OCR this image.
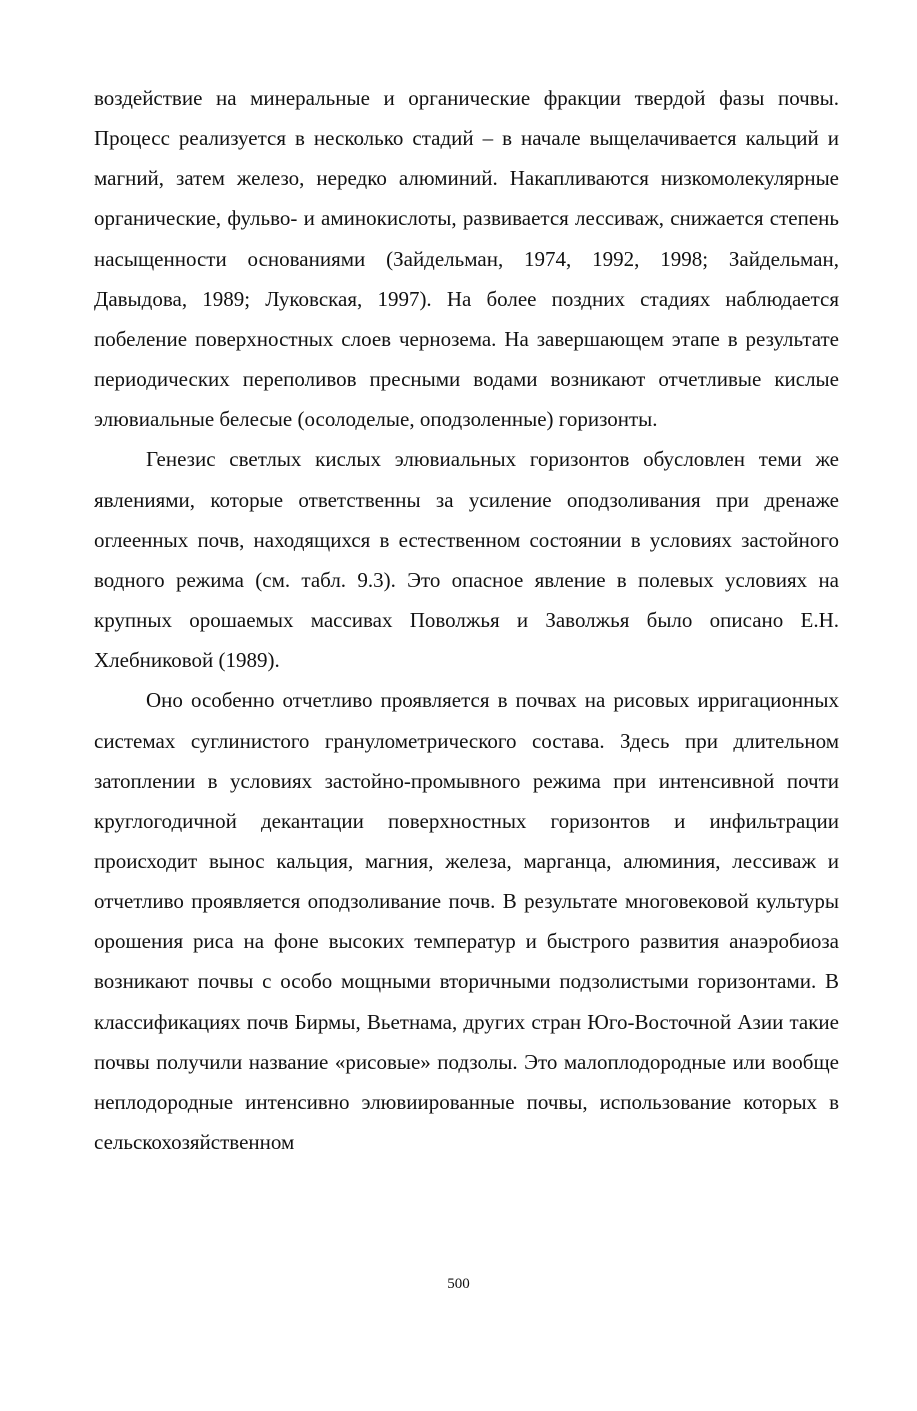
воздействие на минеральные и органические фракции твердой фазы почвы. Процесс реализуется в несколько стадий – в начале выщелачивается кальций и магний, затем железо, нередко алюминий. Накапливаются низкомолекулярные органические, фульво- и аминокислоты, развивается лессиваж, снижается степень насыщенности основаниями (Зайдельман, 1974, 1992, 1998; Зайдельман, Давыдова, 1989; Луковская, 1997). На более поздних стадиях наблюдается побеление поверхностных слоев чернозема. На завершающем этапе в результате периодических переполивов пресными водами возникают отчетливые кислые элювиальные белесые (осолоделые, оподзоленные) горизонты.

Генезис светлых кислых элювиальных горизонтов обусловлен теми же явлениями, которые ответственны за усиление оподзоливания при дренаже оглеенных почв, находящихся в естественном состоянии в условиях застойного водного режима (см. табл. 9.3). Это опасное явление в полевых условиях на крупных орошаемых массивах Поволжья и Заволжья было описано Е.Н. Хлебниковой (1989).

Оно особенно отчетливо проявляется в почвах на рисовых ирригационных системах суглинистого гранулометрического состава. Здесь при длительном затоплении в условиях застойно-промывного режима при интенсивной почти круглогодичной декантации поверхностных горизонтов и инфильтрации происходит вынос кальция, магния, железа, марганца, алюминия, лессиваж и отчетливо проявляется оподзоливание почв. В результате многовековой культуры орошения риса на фоне высоких температур и быстрого развития анаэробиоза возникают почвы с особо мощными вторичными подзолистыми горизонтами. В классификациях почв Бирмы, Вьетнама, других стран Юго-Восточной Азии такие почвы получили название «рисовые» подзолы. Это малоплодородные или вообще неплодородные интенсивно элювиированные почвы, использование которых в сельскохозяйственном

500
